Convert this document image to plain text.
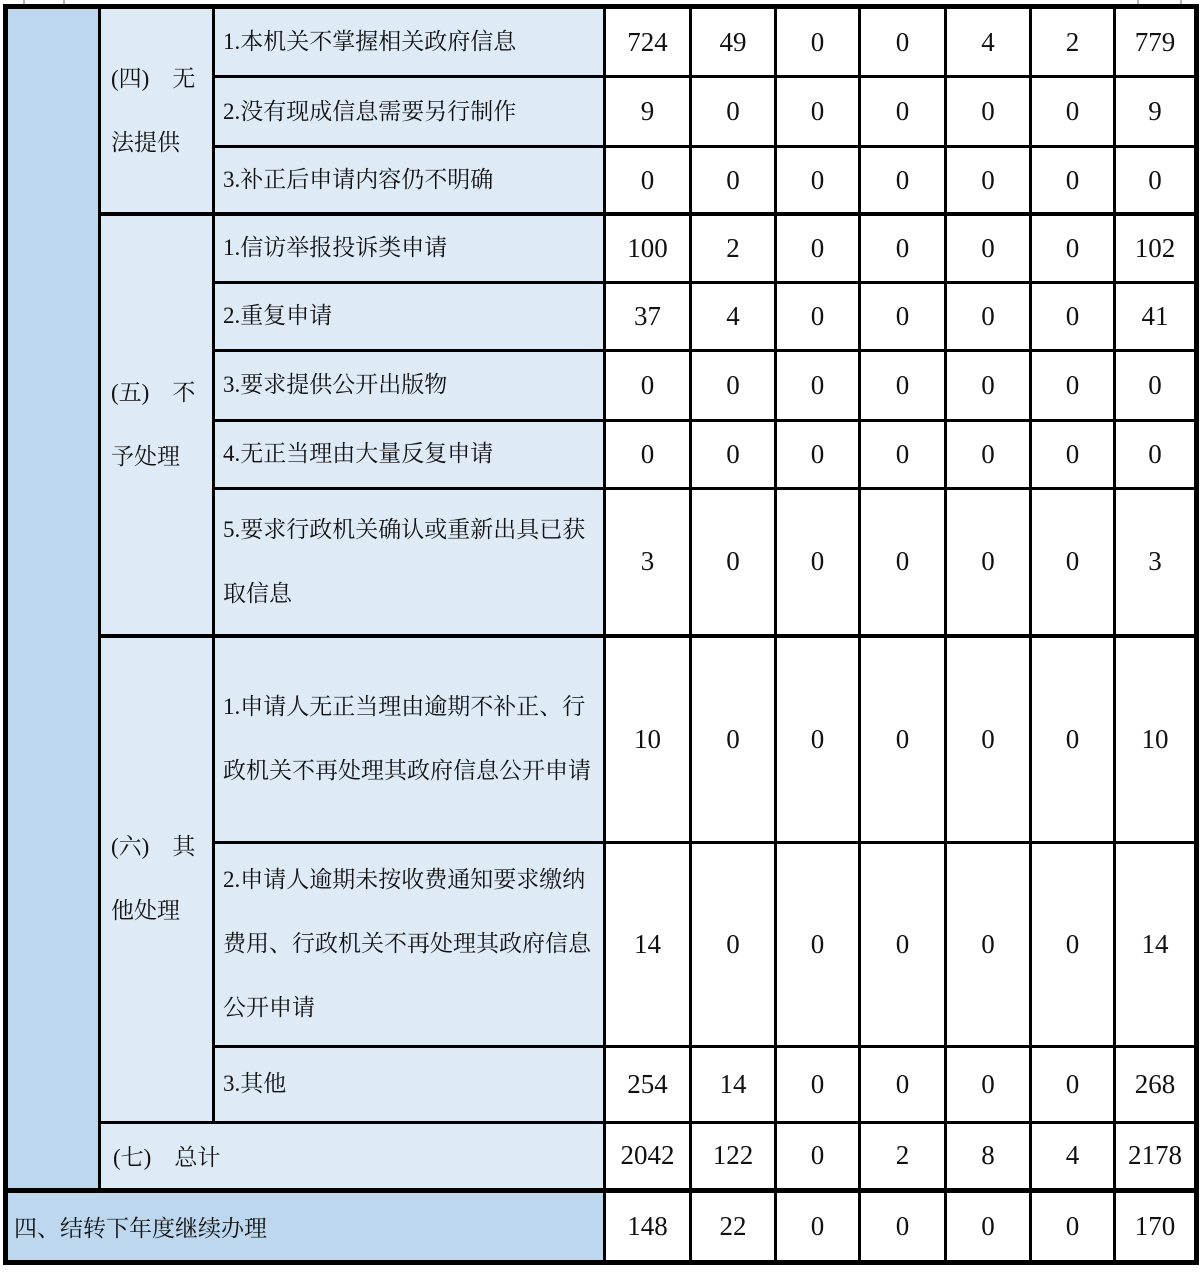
	(四)　无法提供	1.本机关不掌握相关政府信息	724	49	0	0	4	2	779
		2.没有现成信息需要另行制作	9	0	0	0	0	0	9
		3.补正后申请内容仍不明确	0	0	0	0	0	0	0
	(五)　不予处理	1.信访举报投诉类申请	100	2	0	0	0	0	102
		2.重复申请	37	4	0	0	0	0	41
		3.要求提供公开出版物	0	0	0	0	0	0	0
		4.无正当理由大量反复申请	0	0	0	0	0	0	0
		5.要求行政机关确认或重新出具已获取信息	3	0	0	0	0	0	3
	(六)　其他处理	1.申请人无正当理由逾期不补正、行政机关不再处理其政府信息公开申请	10	0	0	0	0	0	10
		2.申请人逾期未按收费通知要求缴纳费用、行政机关不再处理其政府信息公开申请	14	0	0	0	0	0	14
		3.其他	254	14	0	0	0	0	268
	(七)　总计		2042	122	0	2	8	4	2178
四、结转下年度继续办理			148	22	0	0	0	0	170
